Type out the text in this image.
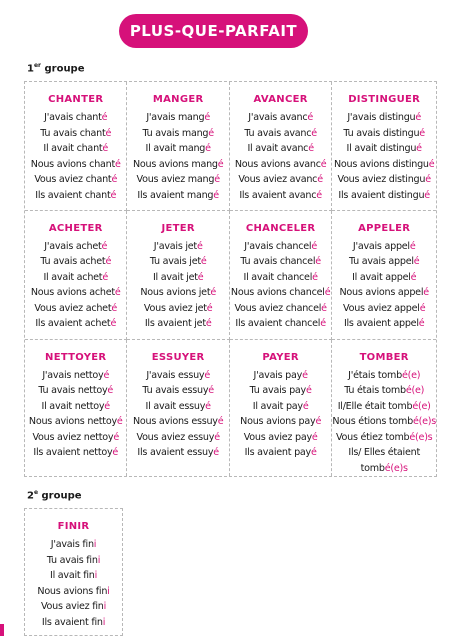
PLUS-QUE-PARFAIT
1er groupe
CHANTER
J'avais chanté
Tu avais chanté
Il avait chanté
Nous avions chanté
Vous aviez chanté
Ils avaient chanté
MANGER
J'avais mangé
Tu avais mangé
Il avait mangé
Nous avions mangé
Vous aviez mangé
Ils avaient mangé
AVANCER
J'avais avancé
Tu avais avancé
Il avait avancé
Nous avions avancé
Vous aviez avancé
Ils avaient avancé
DISTINGUER
J'avais distingué
Tu avais distingué
Il avait distingué
Nous avions distingué
Vous aviez distingué
Ils avaient distingué
ACHETER
J'avais acheté
Tu avais acheté
Il avait acheté
Nous avions acheté
Vous aviez acheté
Ils avaient acheté
JETER
J'avais jeté
Tu avais jeté
Il avait jeté
Nous avions jeté
Vous aviez jeté
Ils avaient jeté
CHANCELER
J'avais chancelé
Tu avais chancelé
Il avait chancelé
Nous avions chancelé
Vous aviez chancelé
Ils avaient chancelé
APPELER
J'avais appelé
Tu avais appelé
Il avait appelé
Nous avions appelé
Vous aviez appelé
Ils avaient appelé
NETTOYER
J'avais nettoyé
Tu avais nettoyé
Il avait nettoyé
Nous avions nettoyé
Vous aviez nettoyé
Ils avaient nettoyé
ESSUYER
J'avais essuyé
Tu avais essuyé
Il avait essuyé
Nous avions essuyé
Vous aviez essuyé
Ils avaient essuyé
PAYER
J'avais payé
Tu avais payé
Il avait payé
Nous avions payé
Vous aviez payé
Ils avaient payé
TOMBER
J'étais tombé(e)
Tu étais tombé(e)
Il/Elle était tombé(e)
Nous étions tombé(e)s
Vous étiez tombé(e)s
Ils/ Elles étaient
tombé(e)s
2e groupe
FINIR
J'avais fini
Tu avais fini
Il avait fini
Nous avions fini
Vous aviez fini
Ils avaient fini
